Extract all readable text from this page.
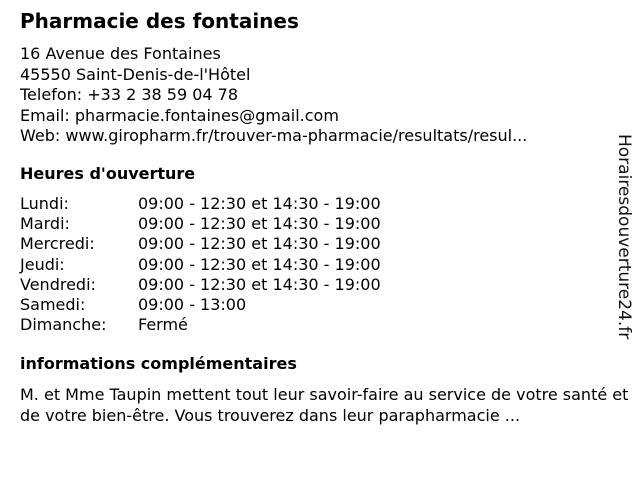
Pharmacie des fontaines
16 Avenue des Fontaines
45550 Saint-Denis-de-l'Hôtel
Telefon: +33 2 38 59 04 78
Email: pharmacie.fontaines@gmail.com
Web: www.giropharm.fr/trouver-ma-pharmacie/resultats/resul...
Heures d'ouverture
Lundi:	09:00 - 12:30 et 14:30 - 19:00
Mardi:	09:00 - 12:30 et 14:30 - 19:00
Mercredi:	09:00 - 12:30 et 14:30 - 19:00
Jeudi:	09:00 - 12:30 et 14:30 - 19:00
Vendredi:	09:00 - 12:30 et 14:30 - 19:00
Samedi:	09:00 - 13:00
Dimanche:	Fermé
informations complémentaires
M. et Mme Taupin mettent tout leur savoir-faire au service de votre santé et de votre bien-être. Vous trouverez dans leur parapharmacie ...
Horairesdouverture24.fr
